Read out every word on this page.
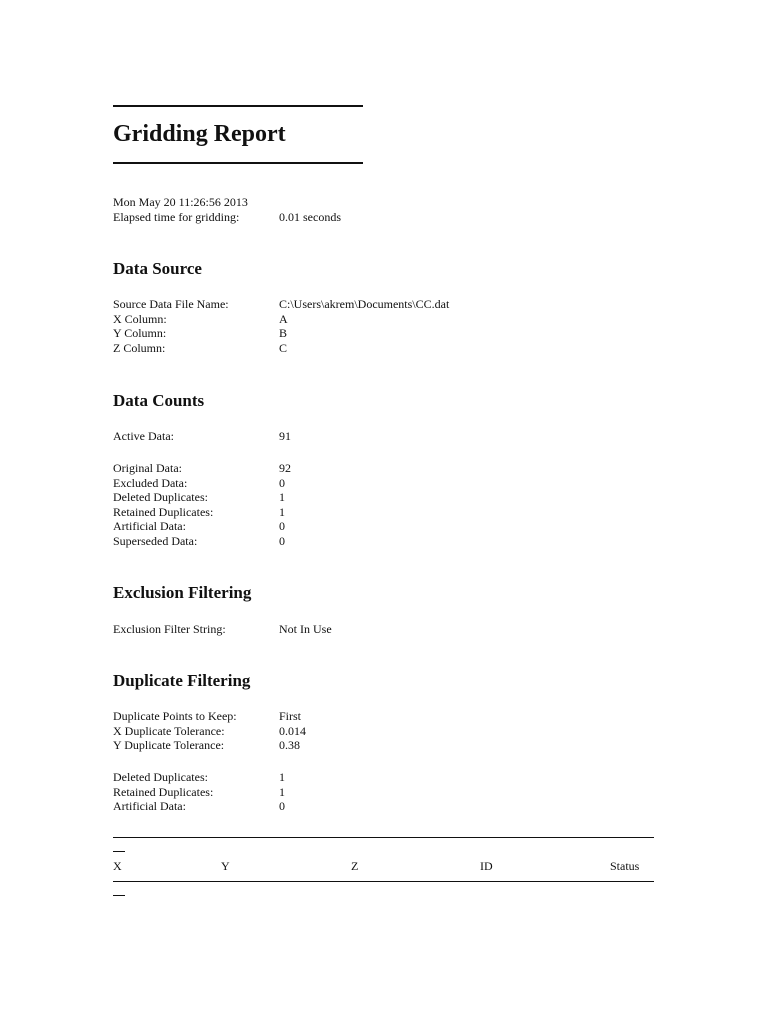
Gridding Report
Mon May 20 11:26:56 2013
Elapsed time for gridding:	0.01 seconds
Data Source
Source Data File Name:	C:\Users\akrem\Documents\CC.dat
X Column:	A
Y Column:	B
Z Column:	C
Data Counts
Active Data:	91
Original Data:	92
Excluded Data:	0
Deleted Duplicates:	1
Retained Duplicates:	1
Artificial Data:	0
Superseded Data:	0
Exclusion Filtering
Exclusion Filter String:	Not In Use
Duplicate Filtering
Duplicate Points to Keep:	First
X Duplicate Tolerance:	0.014
Y Duplicate Tolerance:	0.38
Deleted Duplicates:	1
Retained Duplicates:	1
Artificial Data:	0
X	Y	Z	ID	Status
